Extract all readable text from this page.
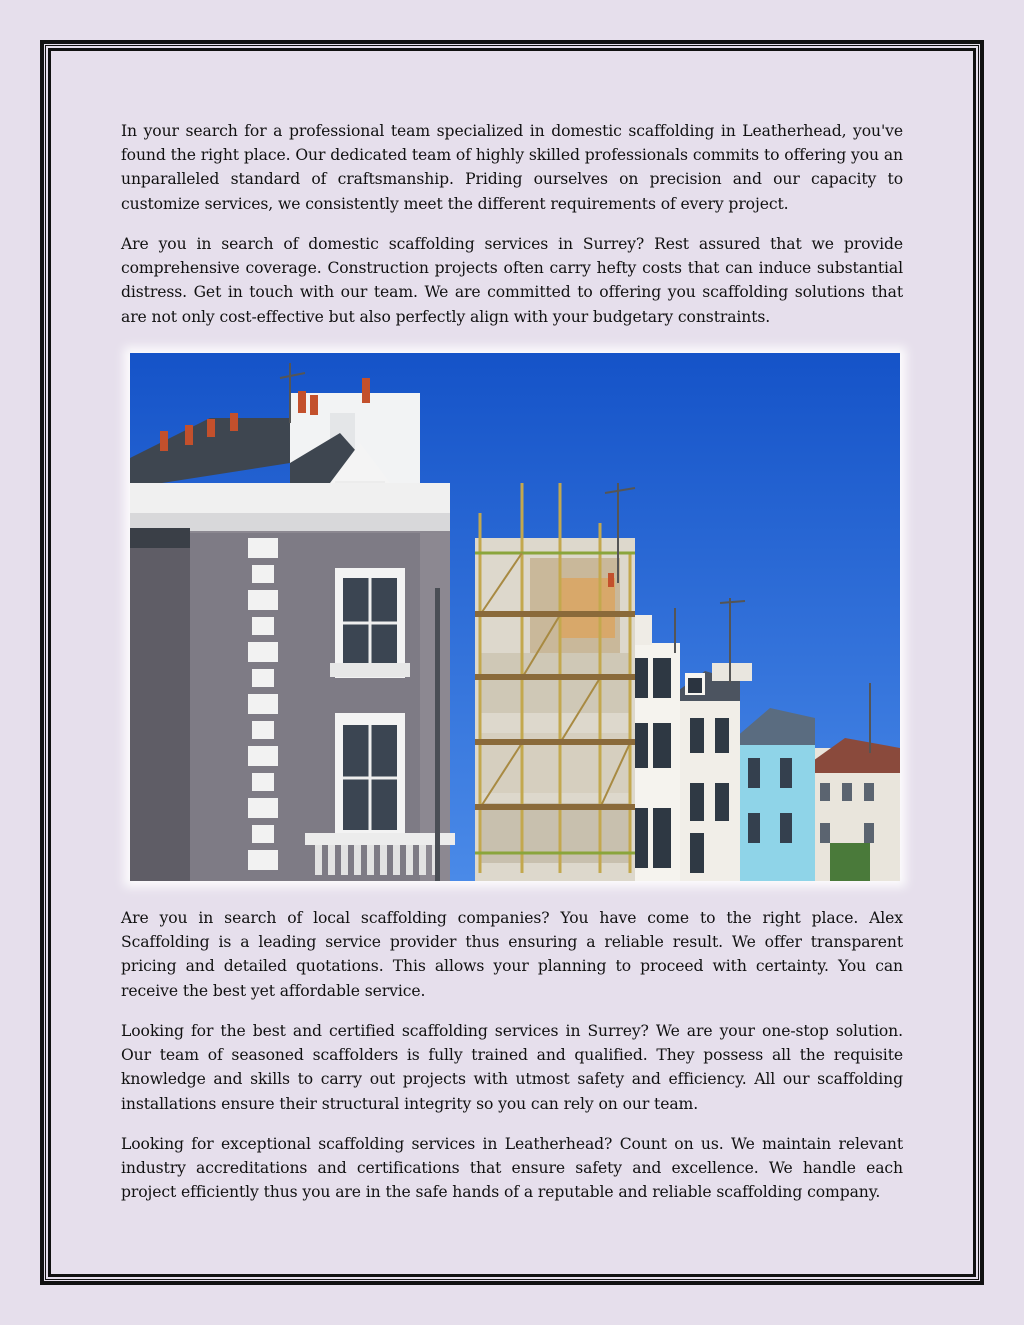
In your search for a professional team specialized in domestic scaffolding in Leatherhead, you've found the right place. Our dedicated team of highly skilled professionals commits to offering you an unparalleled standard of craftsmanship. Priding ourselves on precision and our capacity to customize services, we consistently meet the different requirements of every project.

Are you in search of domestic scaffolding services in Surrey? Rest assured that we provide comprehensive coverage. Construction projects often carry hefty costs that can induce substantial distress. Get in touch with our team. We are committed to offering you scaffolding solutions that are not only cost-effective but also perfectly align with your budgetary constraints.

Are you in search of local scaffolding companies? You have come to the right place. Alex Scaffolding is a leading service provider thus ensuring a reliable result. We offer transparent pricing and detailed quotations. This allows your planning to proceed with certainty. You can receive the best yet affordable service.

Looking for the best and certified scaffolding services in Surrey? We are your one-stop solution. Our team of seasoned scaffolders is fully trained and qualified. They possess all the requisite knowledge and skills to carry out projects with utmost safety and efficiency. All our scaffolding installations ensure their structural integrity so you can rely on our team.

Looking for exceptional scaffolding services in Leatherhead? Count on us. We maintain relevant industry accreditations and certifications that ensure safety and excellence. We handle each project efficiently thus you are in the safe hands of a reputable and reliable scaffolding company.
